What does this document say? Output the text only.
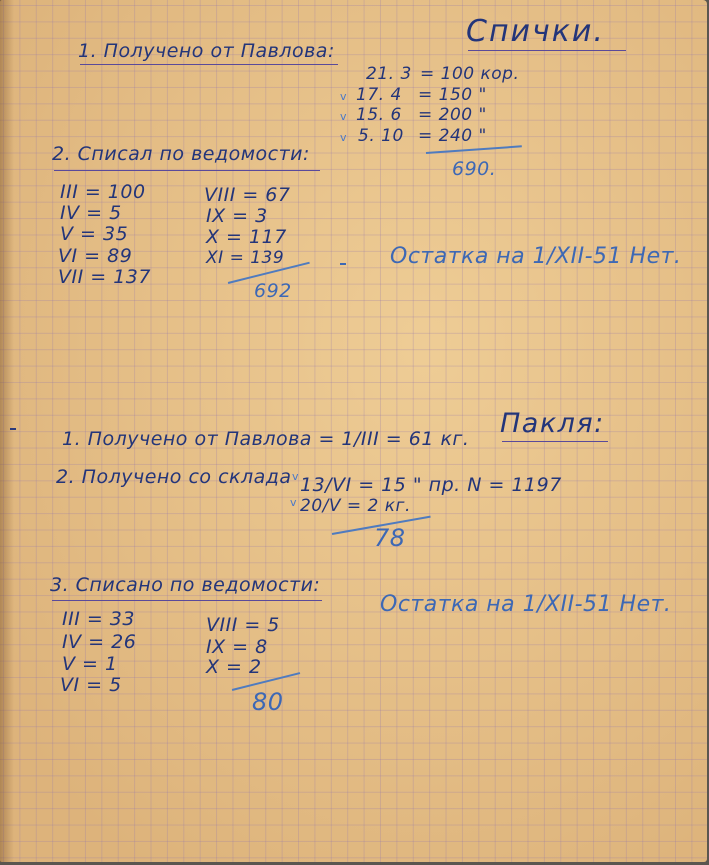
Спички.
1. Получено от Павлова:
21. 3 = 100 кор.
v 17. 4 = 150 "
v 15. 6 = 200 "
v 5. 10 = 240 "
690.
2. Списал по ведомости:
III = 100
IV = 5
V = 35
VI = 89
VII = 137
VIII = 67
IX = 3
X = 117
XI = 139
692
Остатка на 1/XII-51 Нет.
Пакля:
1. Получено от Павлова = 1/III = 61 кг.
2. Получено со склада v 13/VI = 15 " пр. N = 1197
v 20/V = 2 кг.
78
3. Списано по ведомости:
III = 33
IV = 26
V = 1
VI = 5
VIII = 5
IX = 8
X = 2
80
Остатка на 1/XII-51 Нет.
